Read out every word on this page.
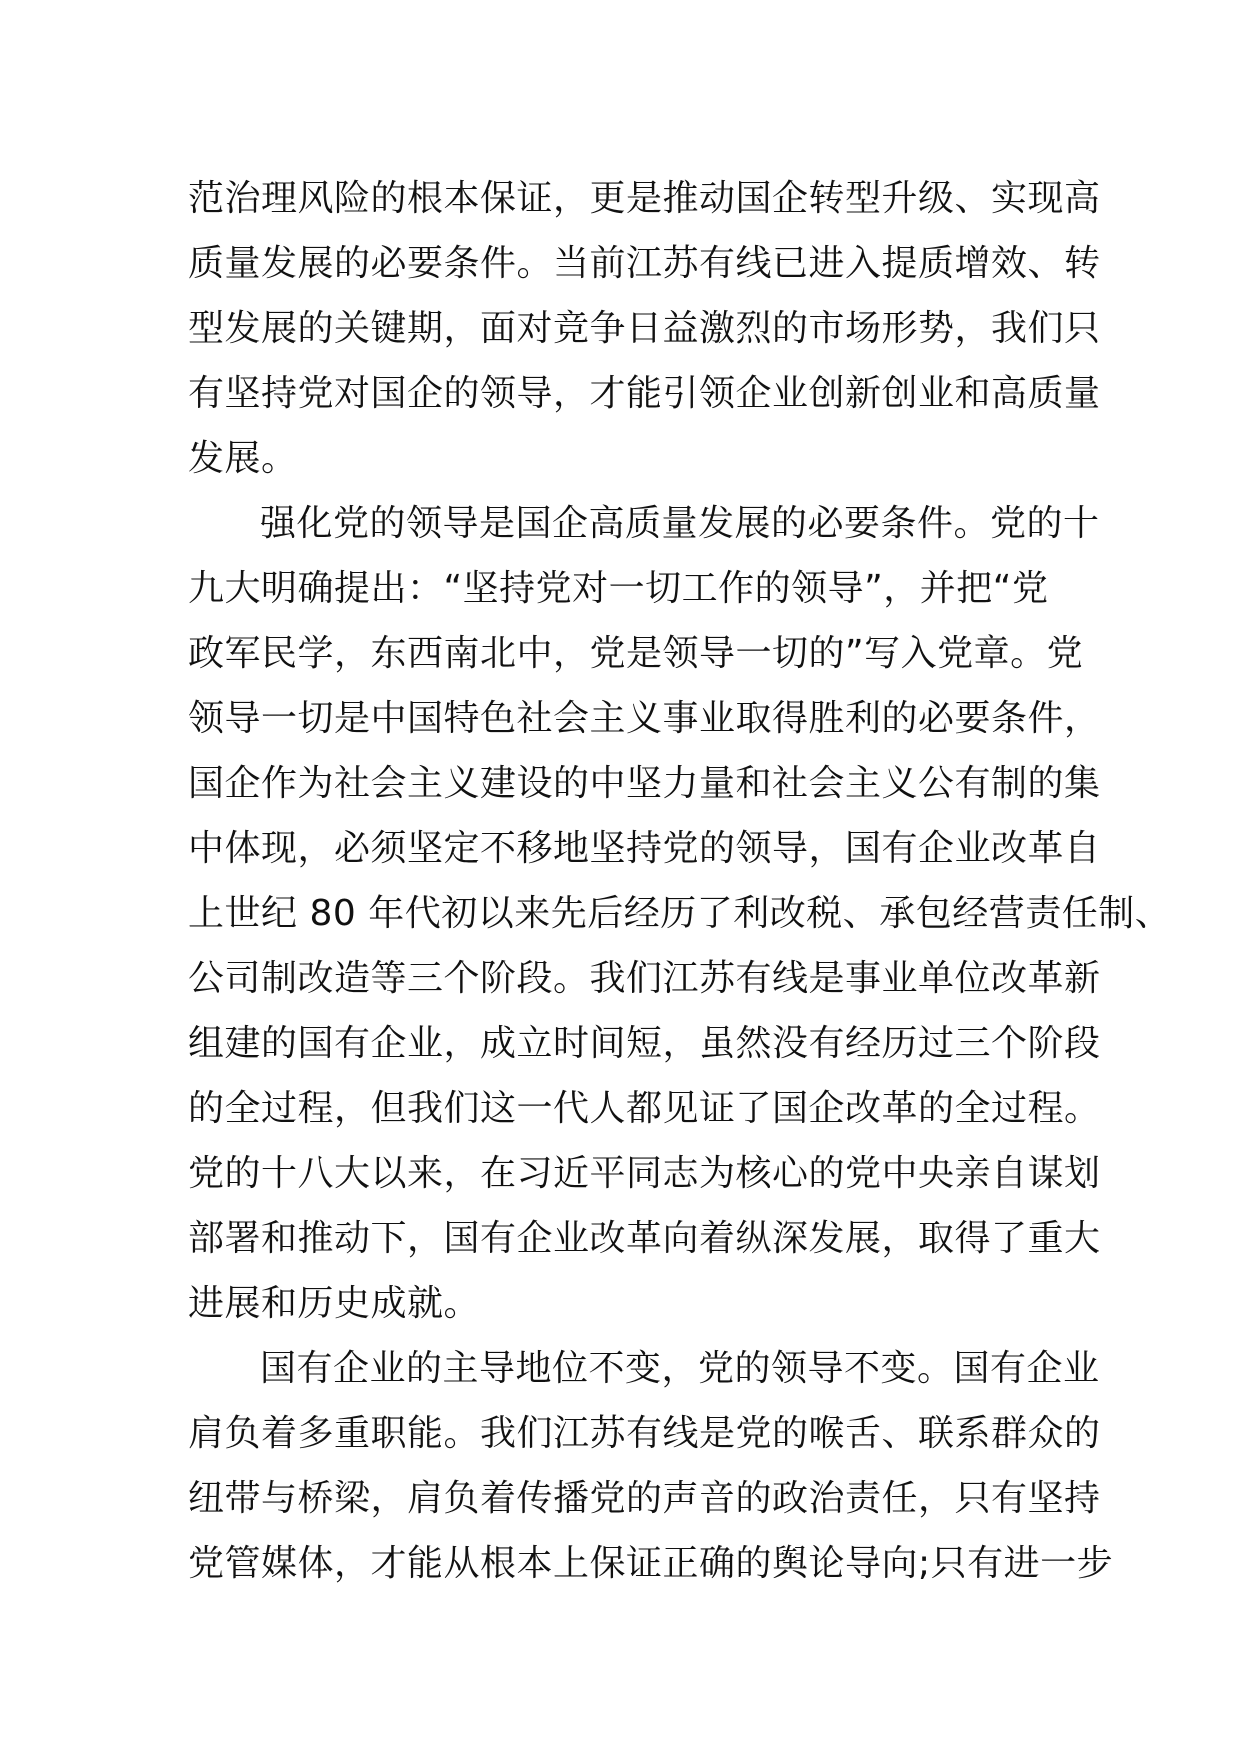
范治理风险的根本保证，更是推动国企转型升级、实现高
质量发展的必要条件。当前江苏有线已进入提质增效、转
型发展的关键期，面对竞争日益激烈的市场形势，我们只
有坚持党对国企的领导，才能引领企业创新创业和高质量
发展。
强化党的领导是国企高质量发展的必要条件。党的十
九大明确提出：“坚持党对一切工作的领导”，并把“党
政军民学，东西南北中，党是领导一切的”写入党章。党
领导一切是中国特色社会主义事业取得胜利的必要条件，
国企作为社会主义建设的中坚力量和社会主义公有制的集
中体现，必须坚定不移地坚持党的领导，国有企业改革自
上世纪 80 年代初以来先后经历了利改税、承包经营责任制、
公司制改造等三个阶段。我们江苏有线是事业单位改革新
组建的国有企业，成立时间短，虽然没有经历过三个阶段
的全过程，但我们这一代人都见证了国企改革的全过程。
党的十八大以来，在习近平同志为核心的党中央亲自谋划
部署和推动下，国有企业改革向着纵深发展，取得了重大
进展和历史成就。
国有企业的主导地位不变，党的领导不变。国有企业
肩负着多重职能。我们江苏有线是党的喉舌、联系群众的
纽带与桥梁，肩负着传播党的声音的政治责任，只有坚持
党管媒体，才能从根本上保证正确的舆论导向;只有进一步
